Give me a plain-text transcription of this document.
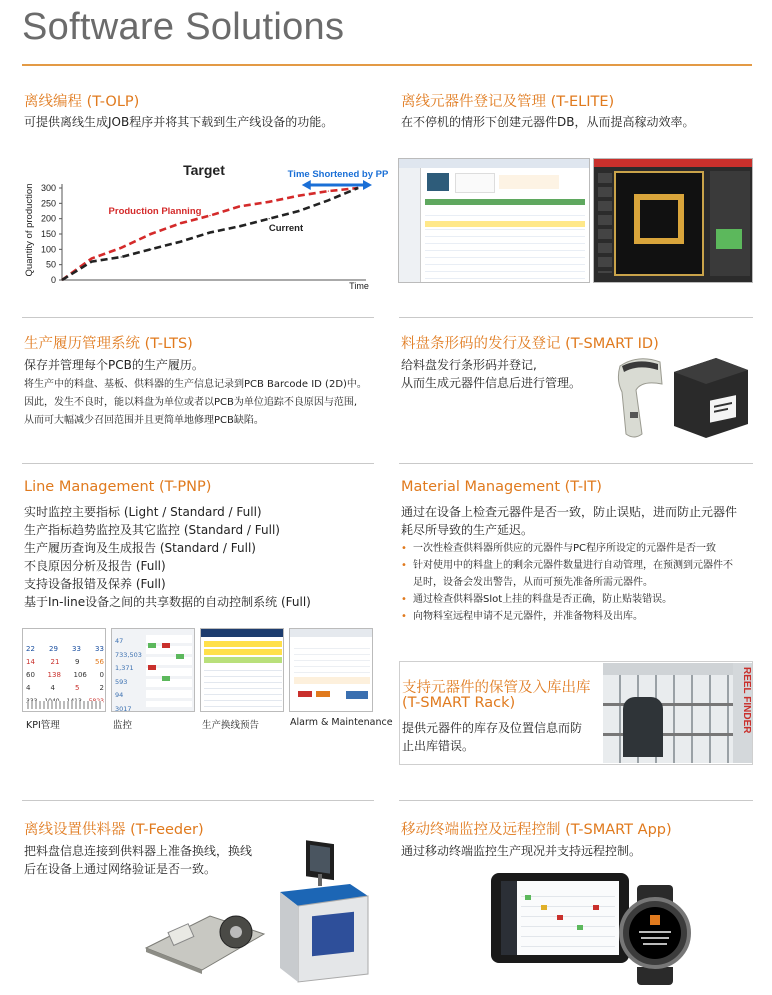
Software Solutions
离线编程 (T-OLP)
可提供离线生成JOB程序并将其下载到生产线设备的功能。
Target	Time Shortened by PP
Quantity of production
Time
Production Planning
Current
0
50
100
150
200
250
300
离线元器件登记及管理 (T-ELITE)
在不停机的情形下创建元器件DB，从而提高稼动效率。
生产履历管理系统 (T-LTS)
保存并管理每个PCB的生产履历。
将生产中的料盘、基板、供料器的生产信息记录到PCB Barcode ID (2D)中。
因此，发生不良时，能以料盘为单位或者以PCB为单位追踪不良原因与范围,
从而可大幅减少召回范围并且更简单地修理PCB缺陷。
料盘条形码的发行及登记 (T-SMART ID)
给料盘发行条形码并登记,
从而生成元器件信息后进行管理。
Line Management (T-PNP)
实时监控主要指标 (Light / Standard / Full)
生产指标趋势监控及其它监控 (Standard / Full)
生产履历查询及生成报告 (Standard / Full)
不良原因分析及报告 (Full)
支持设备报错及保养 (Full)
基于In-line设备之间的共享数据的自动控制系统 (Full)
22 29 33 33
14 21 9 56
60 138 106 0
4	4	5	2
47
733,503
1,371
593
94
3017
KPI管理	监控	生产换线预告	Alarm & Maintenance
Material Management (T-IT)
通过在设备上检查元器件是否一致，防止误贴，进而防止元器件
耗尽所导致的生产延迟。
• 一次性检查供料器所供应的元器件与PC程序所设定的元器件是否一致
• 针对使用中的料盘上的剩余元器件数量进行自动管理，在预测到元器件不
足时，设备会发出警告，从而可预先准备所需元器件。
• 通过检查供料器Slot上挂的料盘是否正确，防止贴装错误。
• 向物料室远程申请不足元器件，并准备物料及出库。
支持元器件的保管及入库出库
(T-SMART Rack)
提供元器件的库存及位置信息而防
止出库错误。
REEL FINDER
离线设置供料器 (T-Feeder)
把料盘信息连接到供料器上准备换线，换线
后在设备上通过网络验证是否一致。
移动终端监控及远程控制 (T-SMART App)
通过移动终端监控生产现况并支持远程控制。
